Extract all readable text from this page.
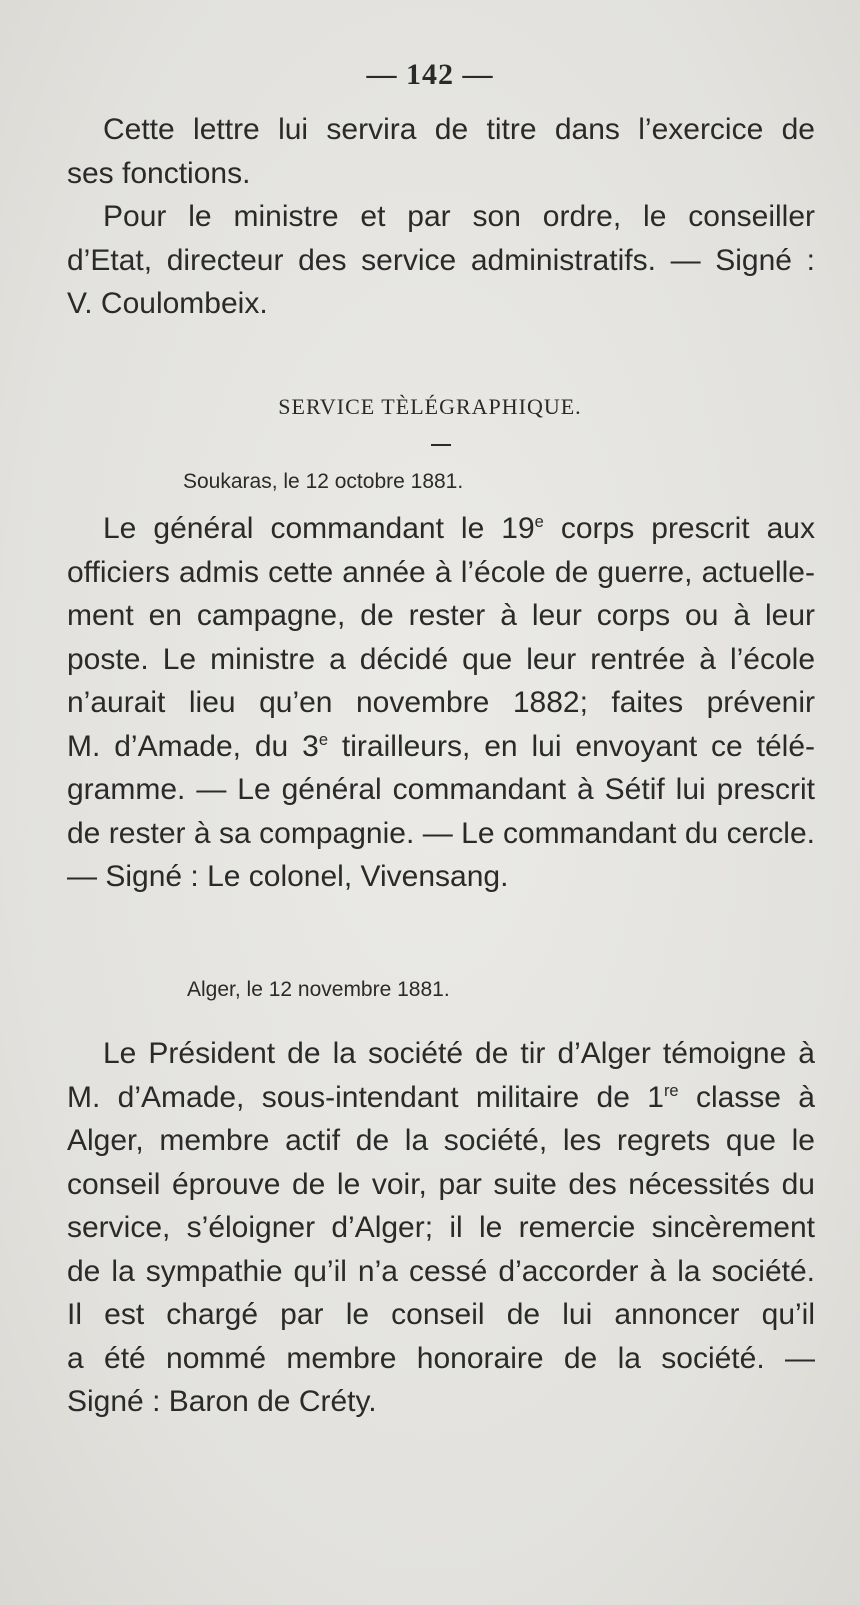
— 142 —
Cette lettre lui servira de titre dans l’exercice de
ses fonctions.
Pour le ministre et par son ordre, le conseiller
d’Etat, directeur des service administratifs. — Signé :
V. Coulombeix.
SERVICE TÈLÉGRAPHIQUE.
Soukaras, le 12 octobre 1881.
Le général commandant le 19e corps prescrit aux
officiers admis cette année à l’école de guerre, actuelle-
ment en campagne, de rester à leur corps ou à leur
poste. Le ministre a décidé que leur rentrée à l’école
n’aurait lieu qu’en novembre 1882; faites prévenir
M. d’Amade, du 3e tirailleurs, en lui envoyant ce télé-
gramme. — Le général commandant à Sétif lui prescrit
de rester à sa compagnie. — Le commandant du cercle.
— Signé : Le colonel, Vivensang.
Alger, le 12 novembre 1881.
Le Président de la société de tir d’Alger témoigne à
M. d’Amade, sous-intendant militaire de 1re classe à
Alger, membre actif de la société, les regrets que le
conseil éprouve de le voir, par suite des nécessités du
service, s’éloigner d’Alger; il le remercie sincèrement
de la sympathie qu’il n’a cessé d’accorder à la société.
Il est chargé par le conseil de lui annoncer qu’il
a été nommé membre honoraire de la société. —
Signé : Baron de Créty.
